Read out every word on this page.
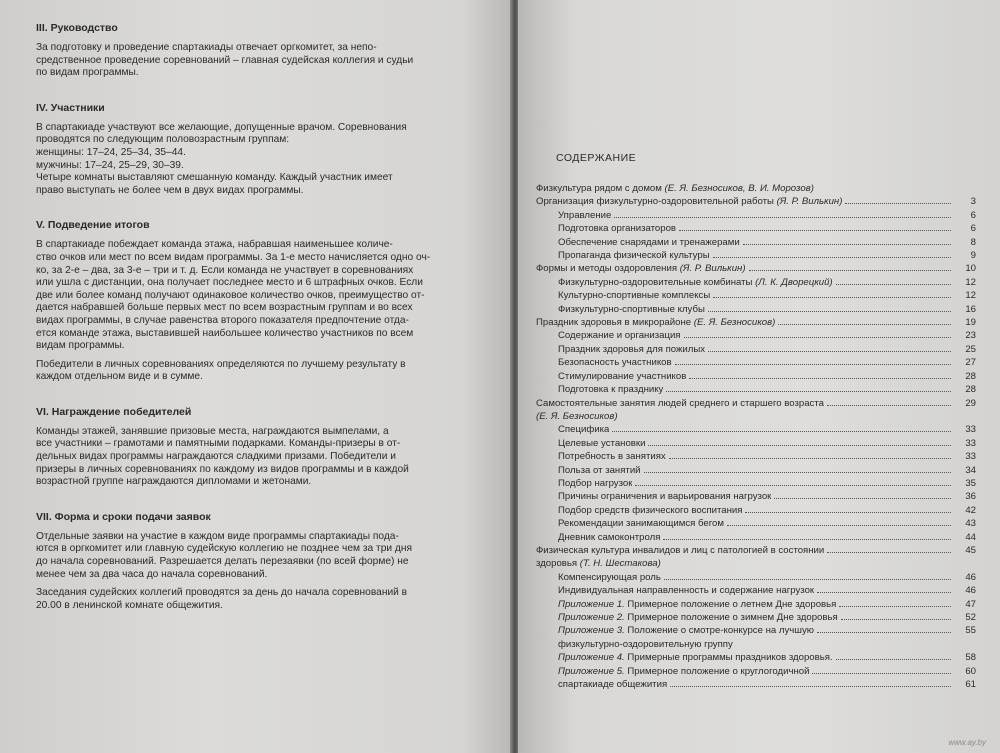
III. Руководство
За подготовку и проведение спартакиады отвечает оргкомитет, за непо-
средственное проведение соревнований – главная судейская коллегия и судьи
по видам программы.
IV. Участники
В спартакиаде участвуют все желающие, допущенные врачом. Соревнования
проводятся по следующим половозрастным группам:
женщины: 17–24, 25–34, 35–44.
мужчины: 17–24, 25–29, 30–39.
Четыре комнаты выставляют смешанную команду. Каждый участник имеет
право выступать не более чем в двух видах программы.
V. Подведение итогов
В спартакиаде побеждает команда этажа, набравшая наименьшее количе-
ство очков или мест по всем видам программы. За 1-е место начисляется одно оч-
ко, за 2-е – два, за 3-е – три и т. д. Если команда не участвует в соревнованиях
или ушла с дистанции, она получает последнее место и 6 штрафных очков. Если
две или более команд получают одинаковое количество очков, преимущество от-
дается набравшей больше первых мест по всем возрастным группам и во всех
видах программы, в случае равенства второго показателя предпочтение отда-
ется команде этажа, выставившей наибольшее количество участников по всем
видам программы.
Победители в личных соревнованиях определяются по лучшему результату в
каждом отдельном виде и в сумме.
VI. Награждение победителей
Команды этажей, занявшие призовые места, награждаются вымпелами, а
все участники – грамотами и памятными подарками. Команды-призеры в от-
дельных видах программы награждаются сладкими призами. Победители и
призеры в личных соревнованиях по каждому из видов программы и в каждой
возрастной группе награждаются дипломами и жетонами.
VII. Форма и сроки подачи заявок
Отдельные заявки на участие в каждом виде программы спартакиады пода-
ются в оргкомитет или главную судейскую коллегию не позднее чем за три дня
до начала соревнований. Разрешается делать перезаявки (по всей форме) не
менее чем за два часа до начала соревнований.
Заседания судейских коллегий проводятся за день до начала соревнований в
20.00 в ленинской комнате общежития.
СОДЕРЖАНИЕ
Физкультура рядом с домом (Е. Я. Безносиков, В. И. Морозов)
Организация физкультурно-оздоровительной работы (Я. Р. Вилькин)	3
Управление	6
Подготовка организаторов	6
Обеспечение снарядами и тренажерами	8
Пропаганда физической культуры	9
Формы и методы оздоровления (Я. Р. Вилькин)	10
Физкультурно-оздоровительные комбинаты (Л. К. Дворецкий)	12
Культурно-спортивные комплексы	12
Физкультурно-спортивные клубы	16
Праздник здоровья в микрорайоне (Е. Я. Безносиков)	19
Содержание и организация	23
Праздник здоровья для пожилых	25
Безопасность участников	27
Стимулирование участников	28
Подготовка к празднику	28
Самостоятельные занятия людей среднего и старшего возраста	29
(Е. Я. Безносиков)
Специфика	33
Целевые установки	33
Потребность в занятиях	33
Польза от занятий	34
Подбор нагрузок	35
Причины ограничения и варьирования нагрузок	36
Подбор средств физического воспитания	42
Рекомендации занимающимся бегом	43
Дневник самоконтроля	44
Физическая культура инвалидов и лиц с патологией в состоянии	45
здоровья (Т. Н. Шестакова)
Компенсирующая роль	46
Индивидуальная направленность и содержание нагрузок	46
Приложение 1. Примерное положение о летнем Дне здоровья	47
Приложение 2. Примерное положение о зимнем Дне здоровья	52
Приложение 3. Положение о смотре-конкурсе на лучшую	55
физкультурно-оздоровительную группу
Приложение 4. Примерные программы праздников здоровья.	58
Приложение 5. Примерное положение о круглогодичной	60
спартакиаде общежития	61
www.ay.by
